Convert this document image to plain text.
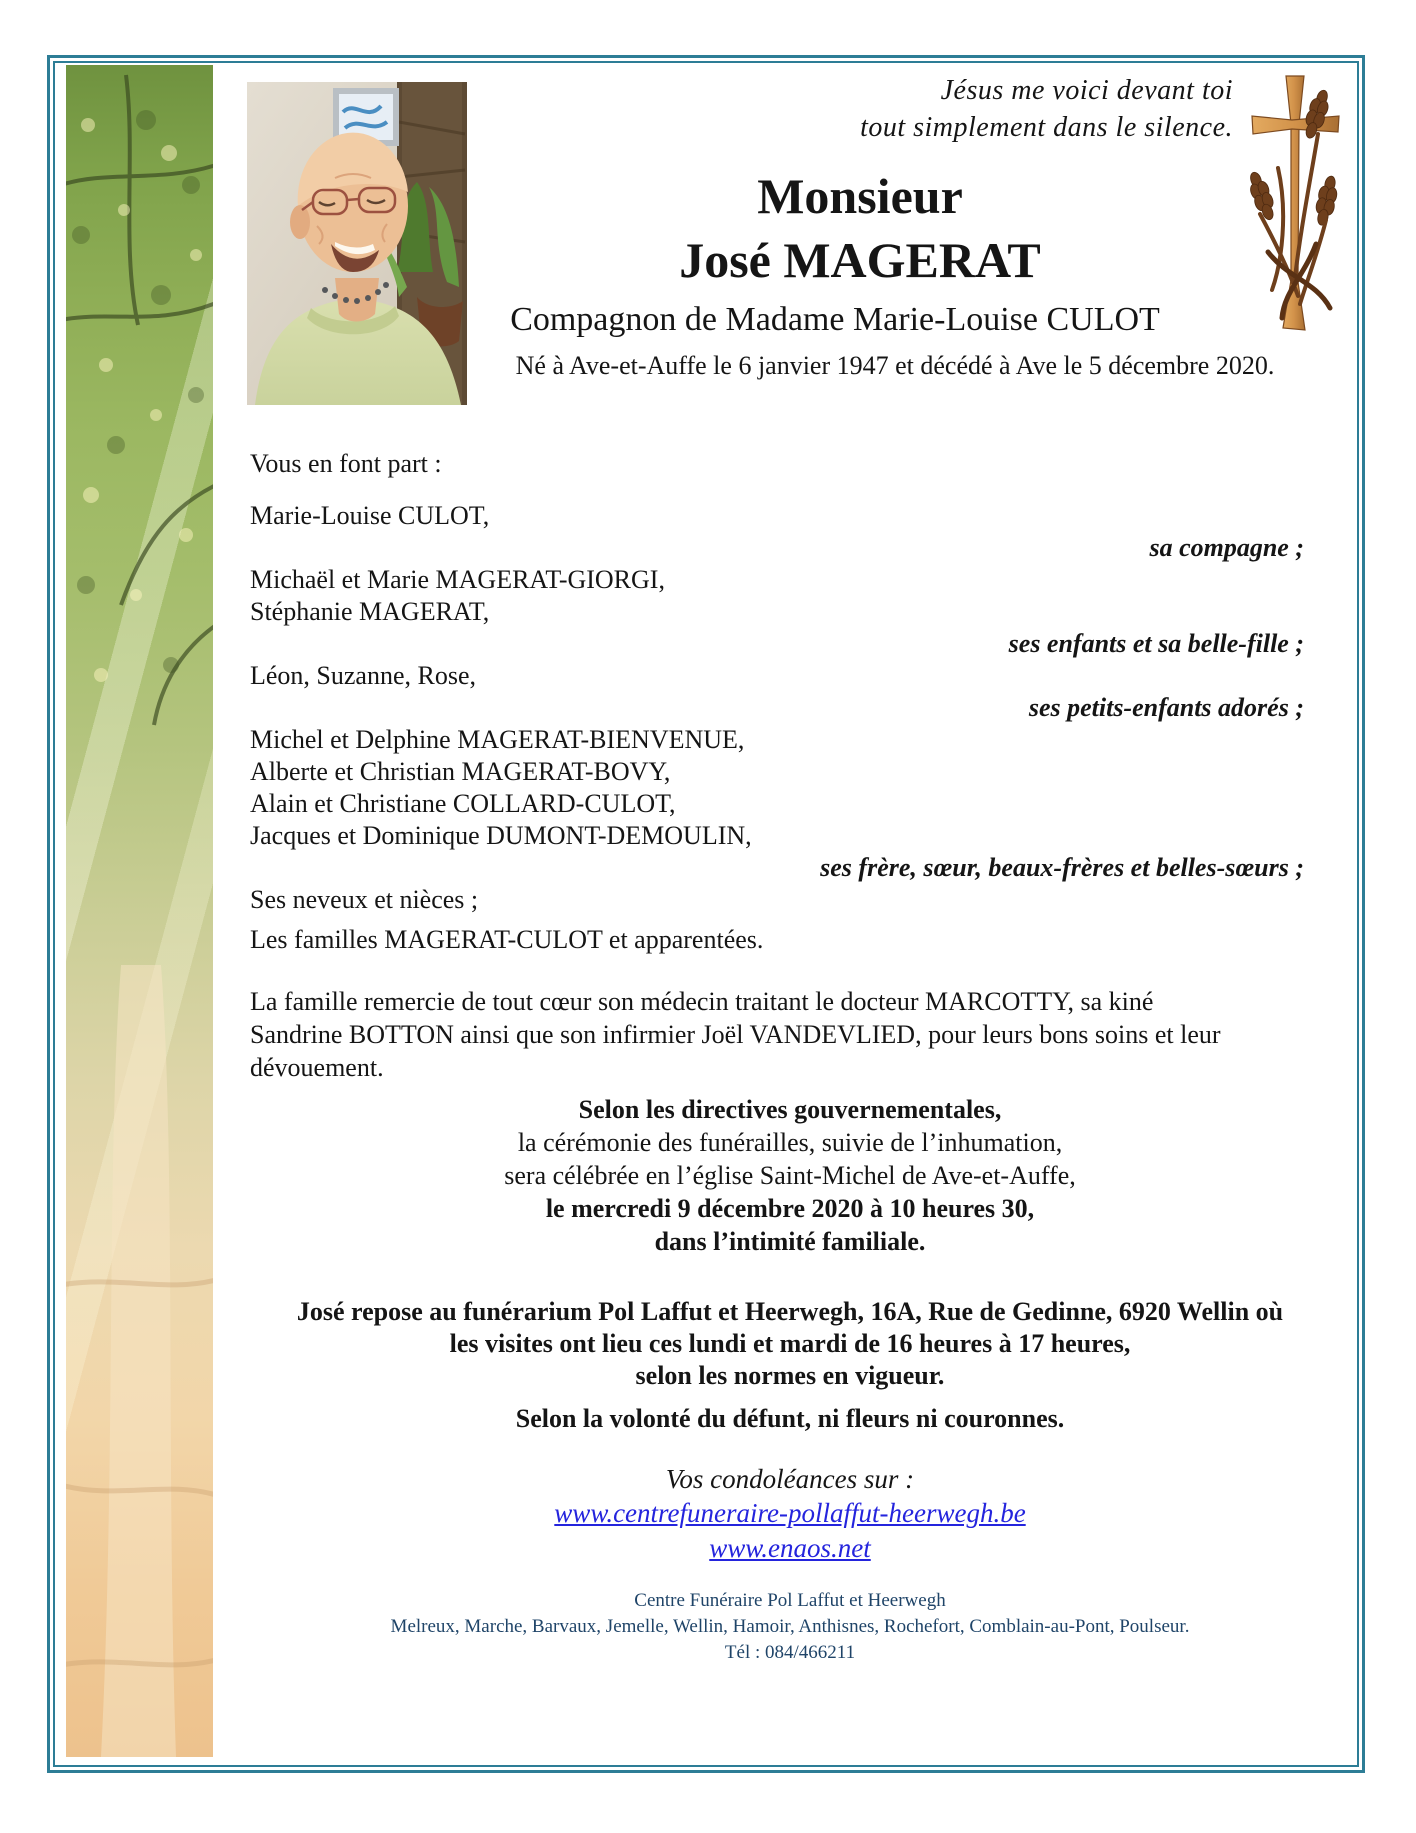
Jésus me voici devant toi
tout simplement dans le silence.
Monsieur
José MAGERAT
Compagnon de Madame Marie-Louise CULOT
Né à Ave-et-Auffe le 6 janvier 1947 et décédé à Ave le 5 décembre 2020.

Vous en font part :

Marie-Louise CULOT,

sa compagne ;

Michaël et Marie MAGERAT-GIORGI,

Stéphanie MAGERAT,

ses enfants et sa belle-fille ;

Léon, Suzanne, Rose,

ses petits-enfants adorés ;

Michel et Delphine MAGERAT-BIENVENUE,

Alberte et Christian MAGERAT-BOVY,

Alain et Christiane COLLARD-CULOT,

Jacques et Dominique DUMONT-DEMOULIN,

ses frère, sœur, beaux-frères et belles-sœurs ;

Ses neveux et nièces ;

Les familles MAGERAT-CULOT et apparentées.

La famille remercie de tout cœur son médecin traitant le docteur MARCOTTY, sa kiné
Sandrine BOTTON ainsi que son infirmier Joël VANDEVLIED, pour leurs bons soins et leur
dévouement.
Selon les directives gouvernementales,
la cérémonie des funérailles, suivie de l’inhumation,
sera célébrée en l’église Saint-Michel de Ave-et-Auffe,
le mercredi 9 décembre 2020 à 10 heures 30,
dans l’intimité familiale.
José repose au funérarium Pol Laffut et Heerwegh, 16A, Rue de Gedinne, 6920 Wellin où
les visites ont lieu ces lundi et mardi de 16 heures à 17 heures,
selon les normes en vigueur.
Selon la volonté du défunt, ni fleurs ni couronnes.
Vos condoléances sur :
www.centrefuneraire-pollaffut-heerwegh.be
www.enaos.net
Centre Funéraire Pol Laffut et Heerwegh
Melreux, Marche, Barvaux, Jemelle, Wellin, Hamoir, Anthisnes, Rochefort, Comblain-au-Pont, Poulseur.
Tél : 084/466211
